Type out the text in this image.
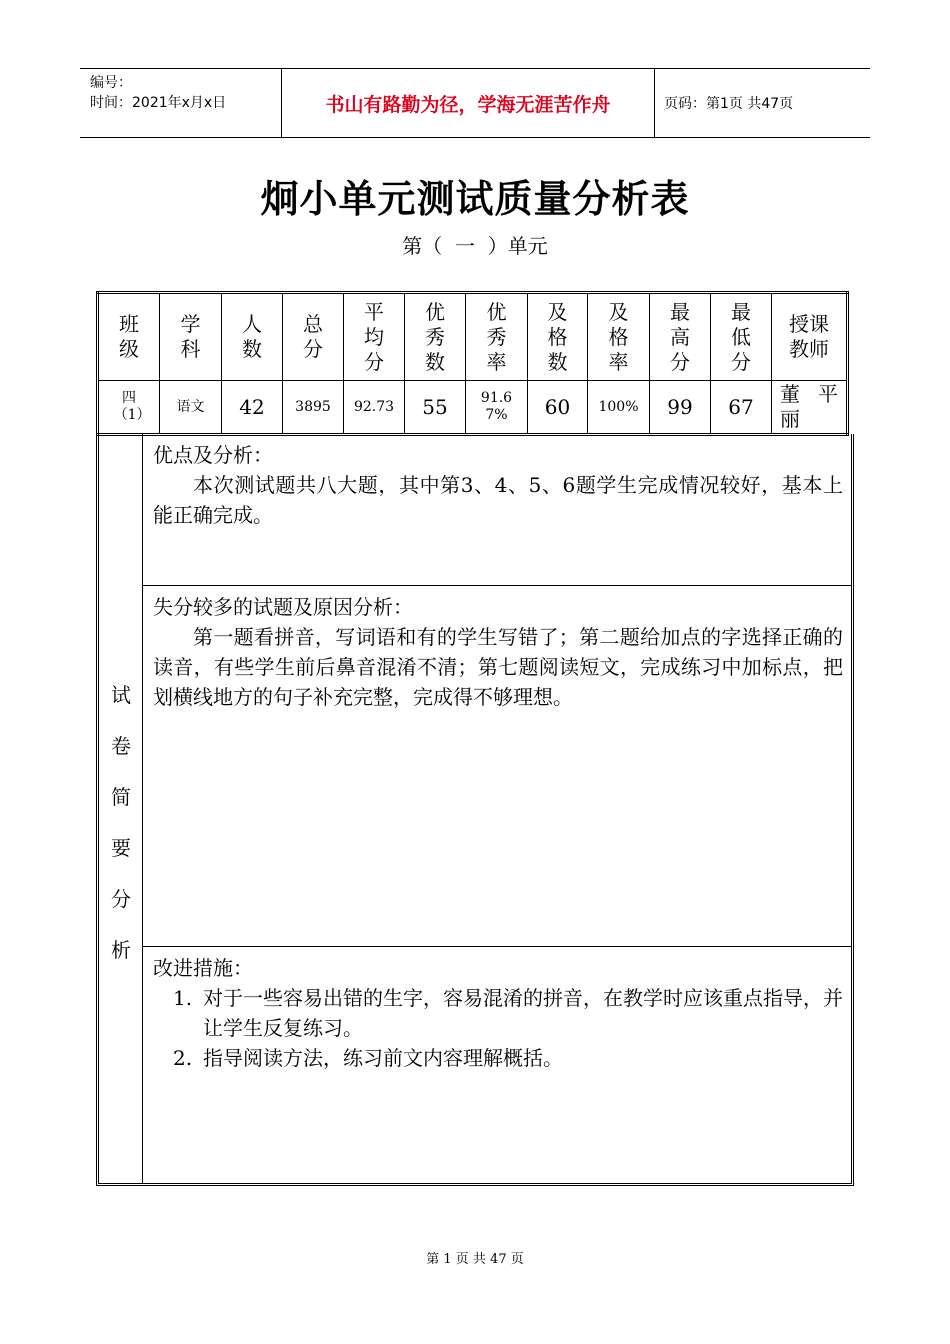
编号：
时间：2021年x月x日	书山有路勤为径，学海无涯苦作舟	页码：第1页 共47页
炯小单元测试质量分析表
第（ 一 ）单元
班级	学科	人数	总分	平均分	优秀数	优秀率	及格数	及格率	最高分	最低分	授课教师
四（1）	语文	42	3895	92.73	55	91.67%	60	100%	99	67	董 平丽
试
卷
简
要
分
析
优点及分析：
本次测试题共八大题，其中第3、4、5、6题学生完成情况较好，基本上能正确完成。
失分较多的试题及原因分析：
第一题看拼音，写词语和有的学生写错了；第二题给加点的字选择正确的读音，有些学生前后鼻音混淆不清；第七题阅读短文，完成练习中加标点，把划横线地方的句子补充完整，完成得不够理想。
改进措施：
1. 对于一些容易出错的生字，容易混淆的拼音，在教学时应该重点指导，并让学生反复练习。
2. 指导阅读方法，练习前文内容理解概括。
第 1 页 共 47 页
